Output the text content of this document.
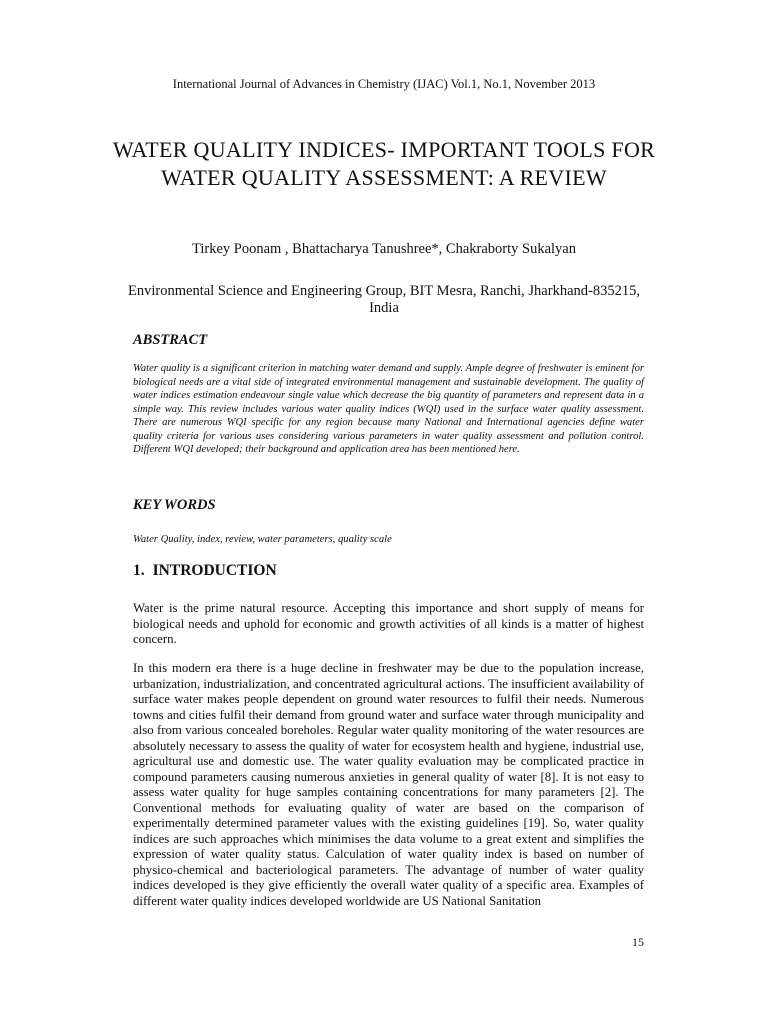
International Journal of Advances in Chemistry (IJAC) Vol.1, No.1, November 2013
WATER QUALITY INDICES- IMPORTANT TOOLS FOR WATER QUALITY ASSESSMENT: A REVIEW
Tirkey Poonam , Bhattacharya Tanushree*, Chakraborty Sukalyan
Environmental Science and Engineering Group, BIT Mesra, Ranchi, Jharkhand-835215, India
ABSTRACT

Water quality is a significant criterion in matching water demand and supply. Ample degree of freshwater is eminent for biological needs are a vital side of integrated environmental management and sustainable development. The quality of water indices estimation endeavour single value which decrease the big quantity of parameters and represent data in a simple way. This review includes various water quality indices (WQI) used in the surface water quality assessment. There are numerous WQI specific for any region because many National and International agencies define water quality criteria for various uses considering various parameters in water quality assessment and pollution control. Different WQI developed; their background and application area has been mentioned here.

KEY WORDS

Water Quality, index, review, water parameters, quality scale

1. INTRODUCTION

Water is the prime natural resource. Accepting this importance and short supply of means for biological needs and uphold for economic and growth activities of all kinds is a matter of highest concern.

In this modern era there is a huge decline in freshwater may be due to the population increase, urbanization, industrialization, and concentrated agricultural actions. The insufficient availability of surface water makes people dependent on ground water resources to fulfil their needs. Numerous towns and cities fulfil their demand from ground water and surface water through municipality and also from various concealed boreholes. Regular water quality monitoring of the water resources are absolutely necessary to assess the quality of water for ecosystem health and hygiene, industrial use, agricultural use and domestic use. The water quality evaluation may be complicated practice in compound parameters causing numerous anxieties in general quality of water [8]. It is not easy to assess water quality for huge samples containing concentrations for many parameters [2]. The Conventional methods for evaluating quality of water are based on the comparison of experimentally determined parameter values with the existing guidelines [19]. So, water quality indices are such approaches which minimises the data volume to a great extent and simplifies the expression of water quality status. Calculation of water quality index is based on number of physico-chemical and bacteriological parameters. The advantage of number of water quality indices developed is they give efficiently the overall water quality of a specific area. Examples of different water quality indices developed worldwide are US National Sanitation

15
